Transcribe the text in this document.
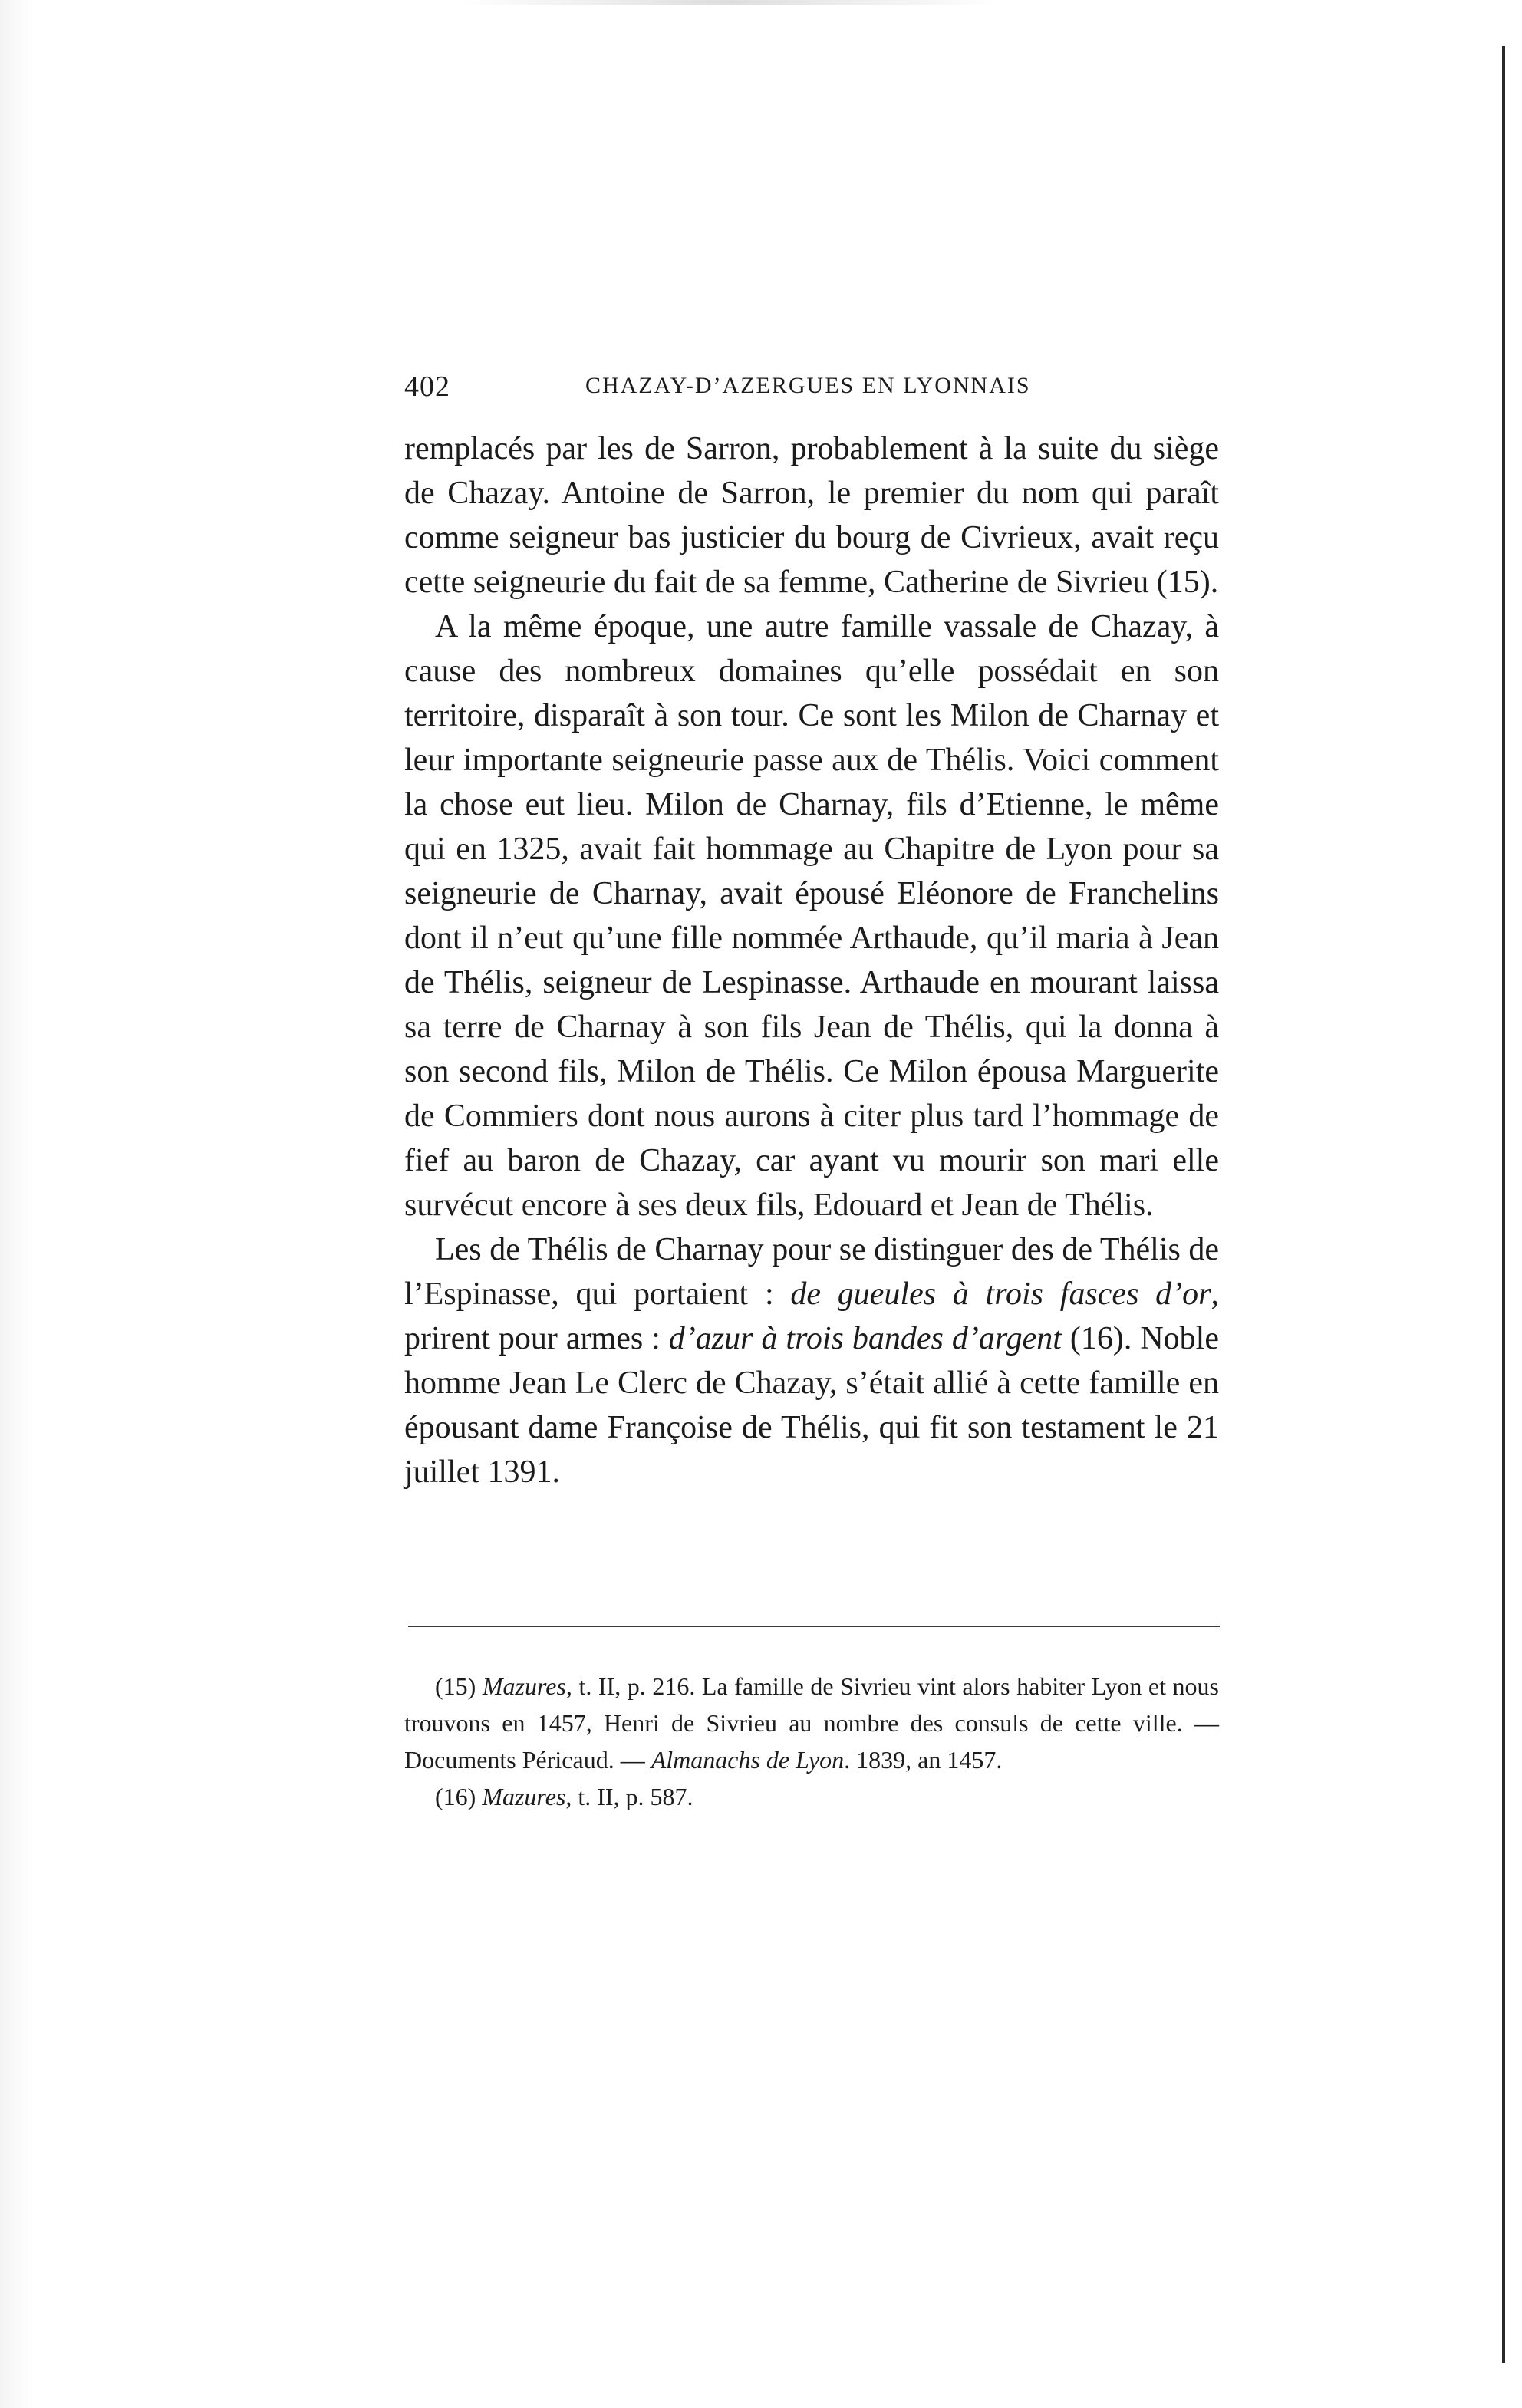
402	CHAZAY-D’AZERGUES EN LYONNAIS

remplacés par les de Sarron, probablement à la suite du siège de Chazay. Antoine de Sarron, le premier du nom qui paraît comme seigneur bas justicier du bourg de Civrieux, avait reçu cette seigneurie du fait de sa femme, Catherine de Sivrieu (15).

A la même époque, une autre famille vassale de Chazay, à cause des nombreux domaines qu’elle possédait en son territoire, disparaît à son tour. Ce sont les Milon de Charnay et leur importante seigneurie passe aux de Thélis. Voici comment la chose eut lieu. Milon de Charnay, fils d’Etienne, le même qui en 1325, avait fait hommage au Chapitre de Lyon pour sa seigneurie de Charnay, avait épousé Eléonore de Franchelins dont il n’eut qu’une fille nommée Arthaude, qu’il maria à Jean de Thélis, seigneur de Lespinasse. Arthaude en mourant laissa sa terre de Charnay à son fils Jean de Thélis, qui la donna à son second fils, Milon de Thélis. Ce Milon épousa Marguerite de Commiers dont nous aurons à citer plus tard l’hommage de fief au baron de Chazay, car ayant vu mourir son mari elle survécut encore à ses deux fils, Edouard et Jean de Thélis.

Les de Thélis de Charnay pour se distinguer des de Thélis de l’Espinasse, qui portaient : de gueules à trois fasces d’or, prirent pour armes : d’azur à trois bandes d’argent (16). Noble homme Jean Le Clerc de Chazay, s’était allié à cette famille en épousant dame Françoise de Thélis, qui fit son testament le 21 juillet 1391.

(15) Mazures, t. II, p. 216. La famille de Sivrieu vint alors habiter Lyon et nous trouvons en 1457, Henri de Sivrieu au nombre des consuls de cette ville. — Documents Péricaud. — Almanachs de Lyon. 1839, an 1457.

(16) Mazures, t. II, p. 587.
